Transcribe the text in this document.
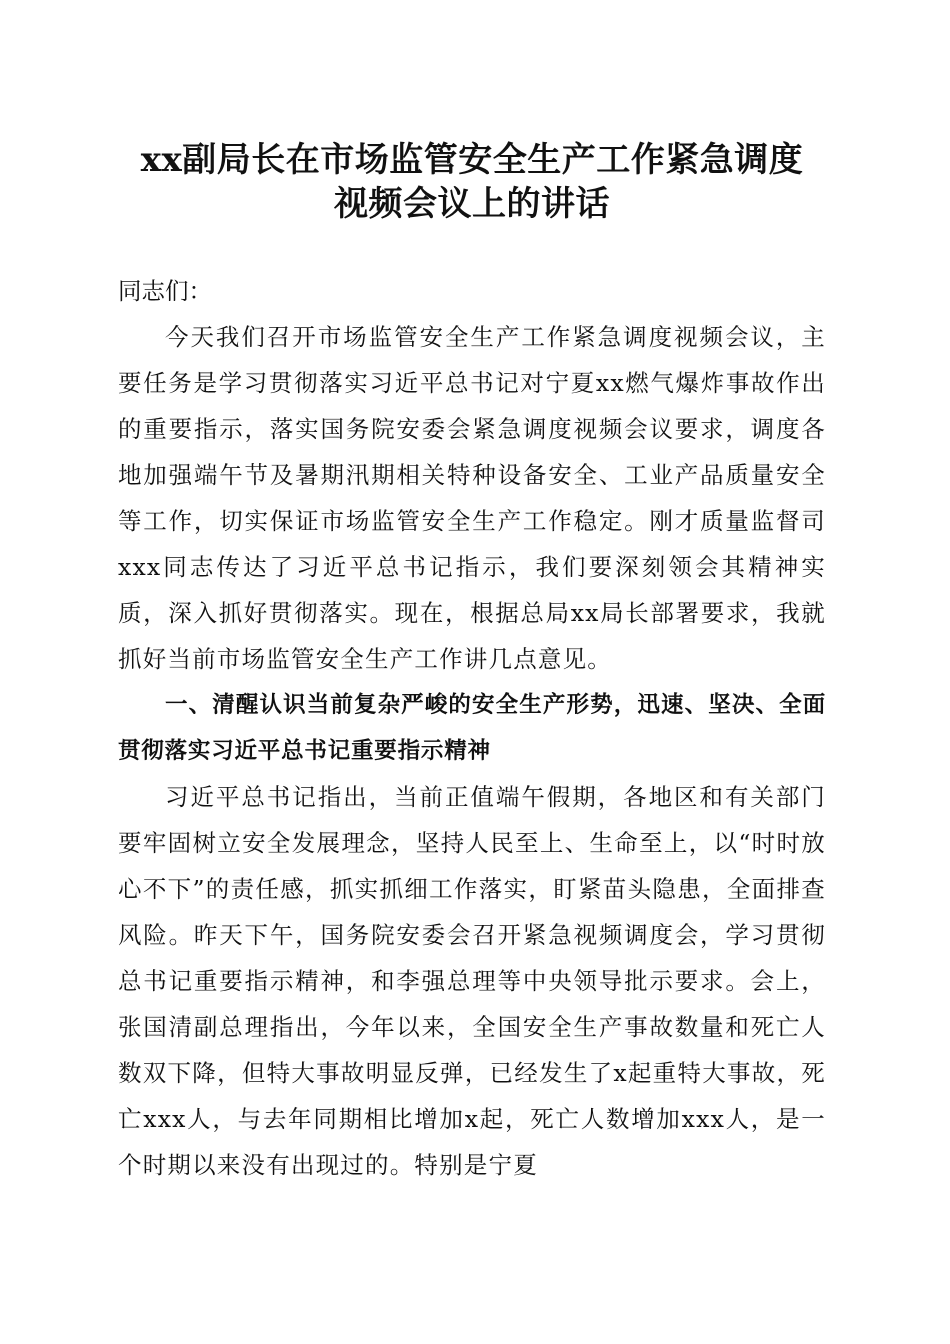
xx副局长在市场监管安全生产工作紧急调度
视频会议上的讲话

同志们：

今天我们召开市场监管安全生产工作紧急调度视频会议，主要任务是学习贯彻落实习近平总书记对宁夏xx燃气爆炸事故作出的重要指示，落实国务院安委会紧急调度视频会议要求，调度各地加强端午节及暑期汛期相关特种设备安全、工业产品质量安全等工作，切实保证市场监管安全生产工作稳定。刚才质量监督司xxx同志传达了习近平总书记指示，我们要深刻领会其精神实质，深入抓好贯彻落实。现在，根据总局xx局长部署要求，我就抓好当前市场监管安全生产工作讲几点意见。

一、清醒认识当前复杂严峻的安全生产形势，迅速、坚决、全面贯彻落实习近平总书记重要指示精神

习近平总书记指出，当前正值端午假期，各地区和有关部门要牢固树立安全发展理念，坚持人民至上、生命至上，以“时时放心不下”的责任感，抓实抓细工作落实，盯紧苗头隐患，全面排查风险。昨天下午，国务院安委会召开紧急视频调度会，学习贯彻总书记重要指示精神，和李强总理等中央领导批示要求。会上，张国清副总理指出，今年以来，全国安全生产事故数量和死亡人数双下降，但特大事故明显反弹，已经发生了x起重特大事故，死亡xxx人，与去年同期相比增加x起，死亡人数增加xxx人，是一个时期以来没有出现过的。特别是宁夏
